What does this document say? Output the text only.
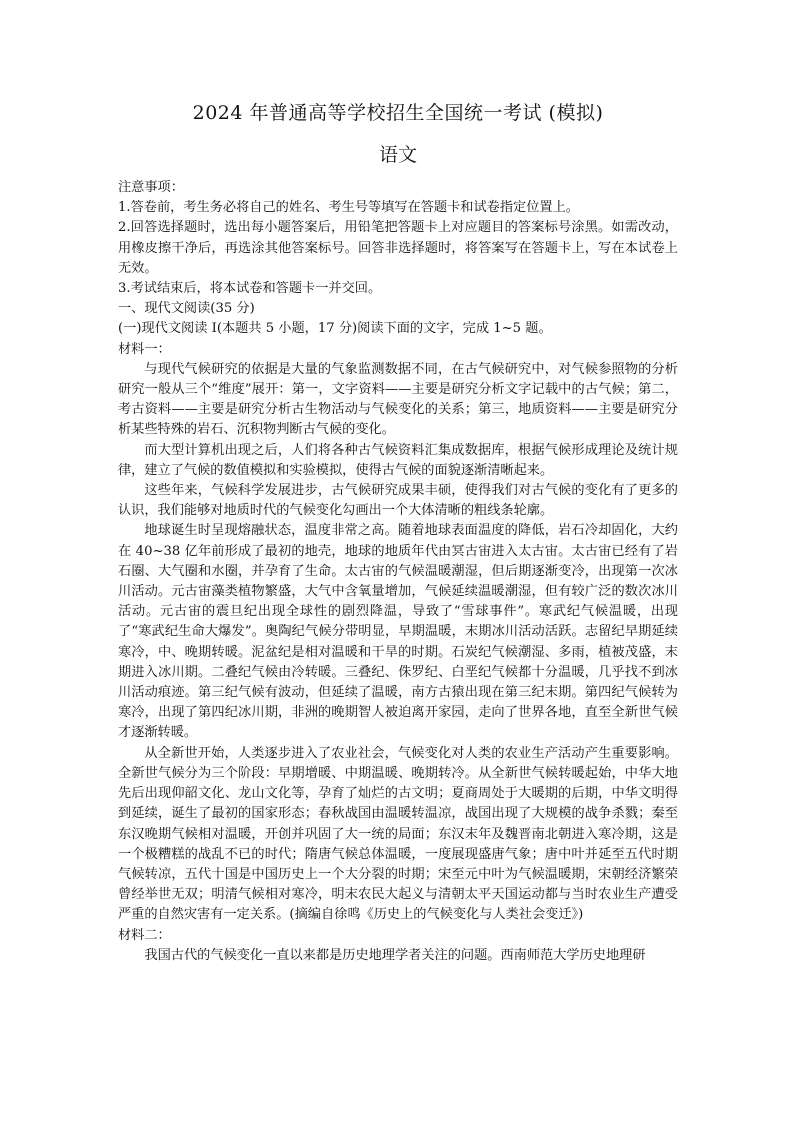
2024 年普通高等学校招生全国统一考试 (模拟)
语文

注意事项：

1.答卷前，考生务必将自己的姓名、考生号等填写在答题卡和试卷指定位置上。

2.回答选择题时，选出每小题答案后，用铅笔把答题卡上对应题目的答案标号涂黑。如需改动，用橡皮擦干净后，再选涂其他答案标号。回答非选择题时，将答案写在答题卡上，写在本试卷上无效。

3.考试结束后，将本试卷和答题卡一并交回。

一、现代文阅读(35 分)

(一)现代文阅读 I(本题共 5 小题，17 分)阅读下面的文字，完成 1~5 题。

材料一：

与现代气候研究的依据是大量的气象监测数据不同，在古气候研究中，对气候参照物的分析研究一般从三个“维度”展开：第一，文字资料——主要是研究分析文字记载中的古气候；第二，考古资料——主要是研究分析古生物活动与气候变化的关系；第三，地质资料——主要是研究分析某些特殊的岩石、沉积物判断古气候的变化。

而大型计算机出现之后，人们将各种古气候资料汇集成数据库，根据气候形成理论及统计规律，建立了气候的数值模拟和实验模拟，使得古气候的面貌逐渐清晰起来。

这些年来，气候科学发展进步，古气候研究成果丰硕，使得我们对古气候的变化有了更多的认识，我们能够对地质时代的气候变化勾画出一个大体清晰的粗线条轮廓。

地球诞生时呈现熔融状态，温度非常之高。随着地球表面温度的降低，岩石冷却固化，大约在 40~38 亿年前形成了最初的地壳，地球的地质年代由冥古宙进入太古宙。太古宙已经有了岩石圈、大气圈和水圈，并孕育了生命。太古宙的气候温暖潮湿，但后期逐渐变冷，出现第一次冰川活动。元古宙藻类植物繁盛，大气中含氧量增加，气候延续温暖潮湿，但有较广泛的数次冰川活动。元古宙的震旦纪出现全球性的剧烈降温，导致了“雪球事件”。寒武纪气候温暖，出现了“寒武纪生命大爆发”。奥陶纪气候分带明显，早期温暖，末期冰川活动活跃。志留纪早期延续寒冷，中、晚期转暖。泥盆纪是相对温暖和干旱的时期。石炭纪气候潮湿、多雨，植被茂盛，末期进入冰川期。二叠纪气候由冷转暖。三叠纪、侏罗纪、白垩纪气候都十分温暖，几乎找不到冰川活动痕迹。第三纪气候有波动，但延续了温暖，南方古猿出现在第三纪末期。第四纪气候转为寒冷，出现了第四纪冰川期，非洲的晚期智人被迫离开家园，走向了世界各地，直至全新世气候才逐渐转暖。

从全新世开始，人类逐步进入了农业社会，气候变化对人类的农业生产活动产生重要影响。全新世气候分为三个阶段：早期增暖、中期温暖、晚期转冷。从全新世气候转暖起始，中华大地先后出现仰韶文化、龙山文化等，孕育了灿烂的古文明；夏商周处于大暖期的后期，中华文明得到延续，诞生了最初的国家形态；春秋战国由温暖转温凉，战国出现了大规模的战争杀戮；秦至东汉晚期气候相对温暖，开创并巩固了大一统的局面；东汉末年及魏晋南北朝进入寒冷期，这是一个极糟糕的战乱不已的时代；隋唐气候总体温暖，一度展现盛唐气象；唐中叶并延至五代时期气候转凉，五代十国是中国历史上一个大分裂的时期；宋至元中叶为气候温暖期，宋朝经济繁荣曾经举世无双；明清气候相对寒冷，明末农民大起义与清朝太平天国运动都与当时农业生产遭受严重的自然灾害有一定关系。(摘编自徐鸣《历史上的气候变化与人类社会变迁》)

材料二：

我国古代的气候变化一直以来都是历史地理学者关注的问题。西南师范大学历史地理研
